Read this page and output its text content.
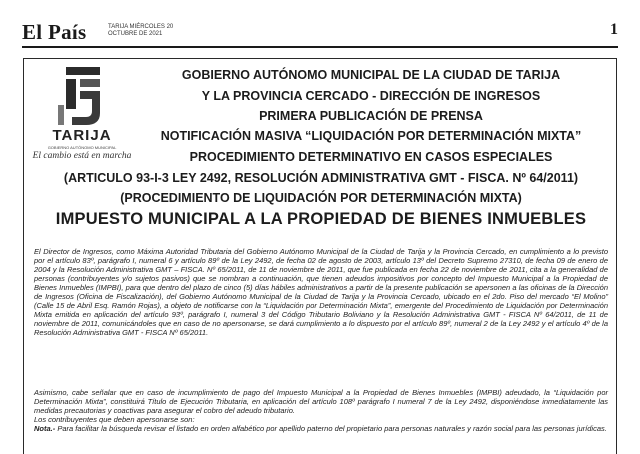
El País	TARIJA MIÉRCOLES 20
OCTUBRE DE 2021	1
TARIJA
GOBIERNO AUTÓNOMO MUNICIPAL
El cambio está en marcha

GOBIERNO AUTÓNOMO MUNICIPAL DE LA CIUDAD DE TARIJA

Y LA PROVINCIA CERCADO - DIRECCIÓN DE INGRESOS

PRIMERA PUBLICACIÓN DE PRENSA

NOTIFICACIÓN MASIVA “LIQUIDACIÓN POR DETERMINACIÓN MIXTA”

PROCEDIMIENTO DETERMINATIVO EN CASOS ESPECIALES

(ARTICULO 93-I-3 LEY 2492, RESOLUCIÓN ADMINISTRATIVA GMT - FISCA. Nº 64/2011)

(PROCEDIMIENTO DE LIQUIDACIÓN POR DETERMINACIÓN MIXTA)

IMPUESTO MUNICIPAL A LA PROPIEDAD DE BIENES INMUEBLES

El Director de Ingresos, como Máxima Autoridad Tributaria del Gobierno Autónomo Municipal de la Ciudad de Tarija y la Provincia Cercado, en cumplimiento a lo previsto por el artículo 83º, parágrafo I, numeral 6 y artículo 89º de la Ley 2492, de fecha 02 de agosto de 2003, artículo 13º del Decreto Supremo 27310, de fecha 09 de enero de 2004 y la Resolución Administrativa GMT – FISCA. Nº 65/2011, de 11 de noviembre de 2011, que fue publicada en fecha 22 de noviembre de 2011, cita a la generalidad de personas (contribuyentes y/o sujetos pasivos) que se nombran a continuación, que tienen adeudos impositivos por concepto del Impuesto Municipal a la Propiedad de Bienes Inmuebles (IMPBI), para que dentro del plazo de cinco (5) días hábiles administrativos a partir de la presente publicación se apersonen a las oficinas de la Dirección de Ingresos (Oficina de Fiscalización), del Gobierno Autónomo Municipal de la Ciudad de Tarija y la Provincia Cercado, ubicado en el 2do. Piso del mercado “El Molino” (Calle 15 de Abril Esq. Ramón Rojas), a objeto de notificarse con la “Liquidación por Determinación Mixta”, emergente del Procedimiento de Liquidación por Determinación Mixta emitida en aplicación del artículo 93º, parágrafo I, numeral 3 del Código Tributario Boliviano y la Resolución Administrativa GMT - FISCA Nº 64/2011, de 11 de noviembre de 2011, comunicándoles que en caso de no apersonarse, se dará cumplimiento a lo dispuesto por el artículo 89º, numeral 2 de la Ley 2492 y el artículo 4º de la Resolución Administrativa GMT - FISCA Nº 65/2011.

Asimismo, cabe señalar que en caso de incumplimiento de pago del Impuesto Municipal a la Propiedad de Bienes Inmuebles (IMPBI) adeudado, la “Liquidación por Determinación Mixta”, constituirá Título de Ejecución Tributaria, en aplicación del artículo 108º parágrafo I numeral 7 de la Ley 2492, disponiéndose inmediatamente las medidas precautorias y coactivas para asegurar el cobro del adeudo tributario.

Los contribuyentes que deben apersonarse son:

Nota.- Para facilitar la búsqueda revisar el listado en orden alfabético por apellido paterno del propietario para personas naturales y razón social para las personas jurídicas.
